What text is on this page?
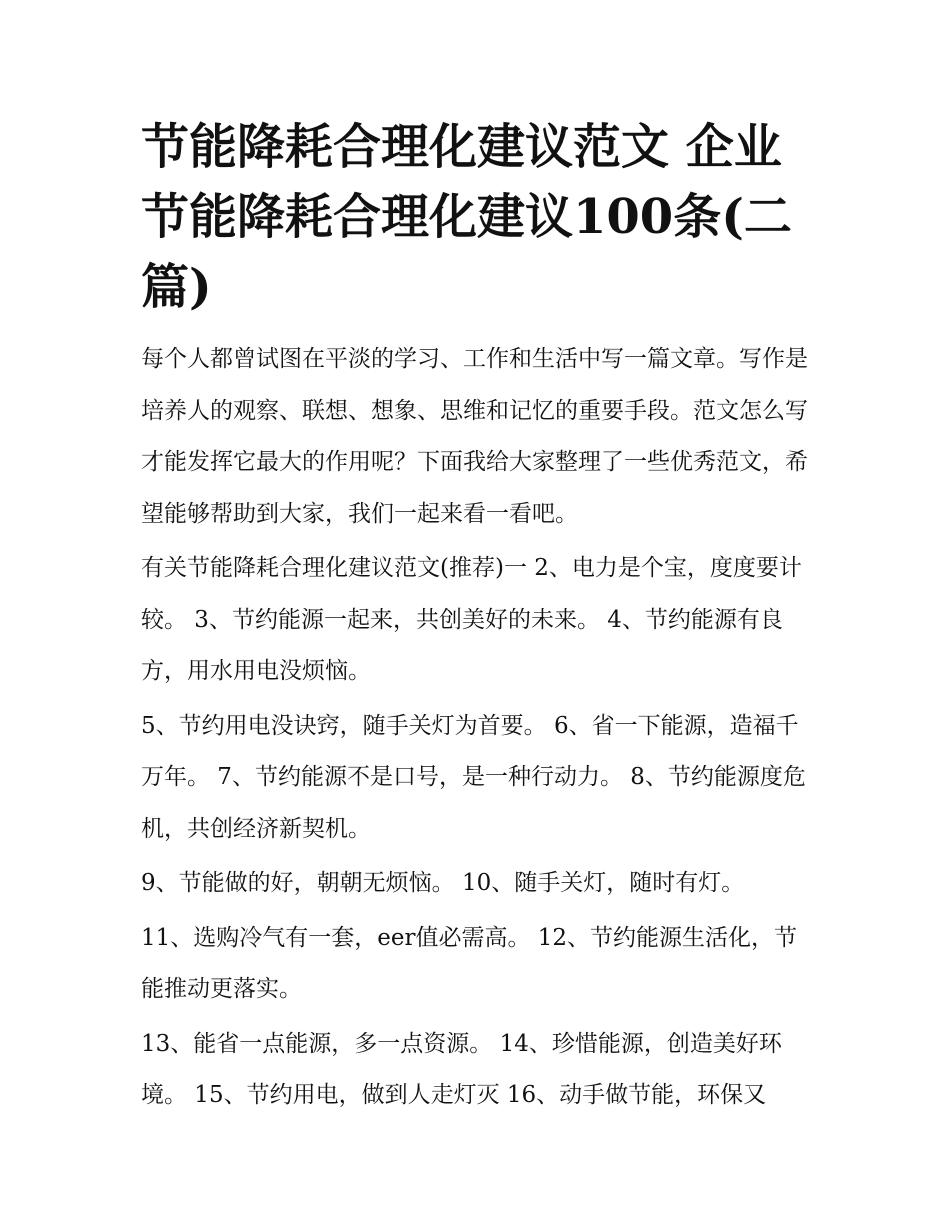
节能降耗合理化建议范文 企业节能降耗合理化建议100条(二篇)

每个人都曾试图在平淡的学习、工作和生活中写一篇文章。写作是培养人的观察、联想、想象、思维和记忆的重要手段。范文怎么写才能发挥它最大的作用呢？下面我给大家整理了一些优秀范文，希望能够帮助到大家，我们一起来看一看吧。

有关节能降耗合理化建议范文(推荐)一 2、电力是个宝，度度要计较。 3、节约能源一起来，共创美好的未来。 4、节约能源有良方，用水用电没烦恼。

5、节约用电没诀窍，随手关灯为首要。 6、省一下能源，造福千万年。 7、节约能源不是口号，是一种行动力。 8、节约能源度危机，共创经济新契机。

9、节能做的好，朝朝无烦恼。 10、随手关灯，随时有灯。

11、选购冷气有一套，eer值必需高。 12、节约能源生活化，节能推动更落实。

13、能省一点能源，多一点资源。 14、珍惜能源，创造美好环境。 15、节约用电，做到人走灯灭 16、动手做节能，环保又
